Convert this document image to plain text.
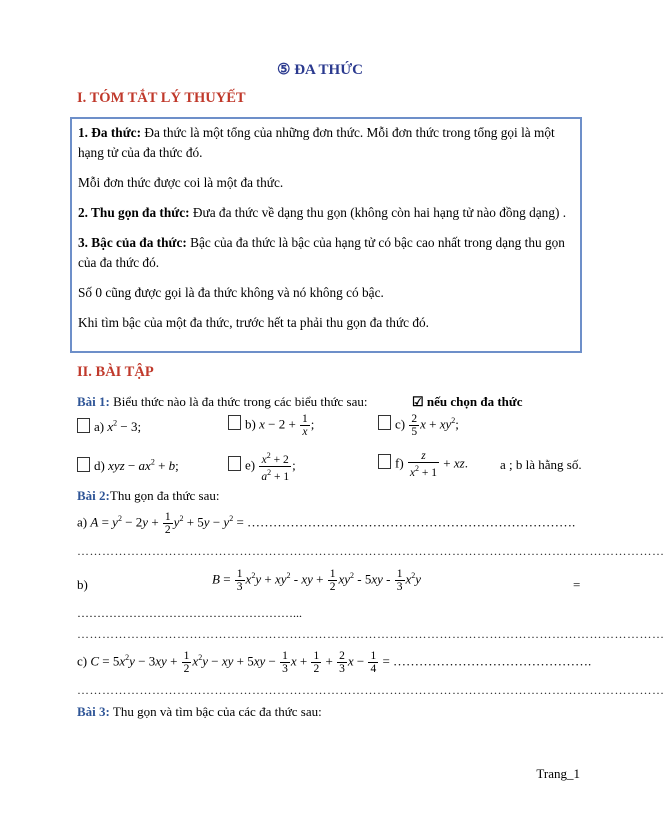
⑤ ĐA THỨC
I. TÓM TẮT LÝ THUYẾT

1. Đa thức: Đa thức là một tổng của những đơn thức. Mỗi đơn thức trong tổng gọi là một hạng tử của đa thức đó.

Mỗi đơn thức được coi là một đa thức.

2. Thu gọn đa thức: Đưa đa thức về dạng thu gọn (không còn hai hạng tử nào đồng dạng) .

3. Bậc của đa thức: Bậc của đa thức là bậc của hạng tử có bậc cao nhất trong dạng thu gọn của đa thức đó.

Số 0 cũng được gọi là đa thức không và nó không có bậc.

Khi tìm bậc của một đa thức, trước hết ta phải thu gọn đa thức đó.

II. BÀI TẬP
Bài 1: Biểu thức nào là đa thức trong các biểu thức sau:	☑ nếu chọn đa thức
a) $x^2 - 3$;	b) $x - 2 + \frac{1}{x}$ ;	$c) \frac{2}{5}$ $x + xy^2$;
d) xyz − $ax^2 + b$;	$e) \frac{x^2 + 2}{a^2 + 1}$ ;	$f) \frac{z}{x^2 + 1}$ + xz. a ; b là hằng số.
Bài 2:Thu gọn đa thức sau:
a) $A = y^2 - 2y + \frac{1}{2} y^2 + 5y - y^2$ = ………………………………………………………………….
……………………………………………………………………………………………………………………………
b)	$B = \frac{1}{3} x^2y + xy^2$ - xy + $\frac{1}{2} xy^2 - 5xy - \frac{1}{3} x^2y$	=
………………………………………………...
……………………………………………………………………………………………………………………………
c) $C = 5x^2y - 3xy + \frac{1}{2} x^2y$ − xy + $5xy - \frac{1}{3}$ $x + \frac{1}{2} + \frac{2}{3}$ $x - \frac{1}{4}$ = ……………………………………….
……………………………………………………………………………………………………………………………
Bài 3: Thu gọn và tìm bậc của các đa thức sau:
Trang_1
